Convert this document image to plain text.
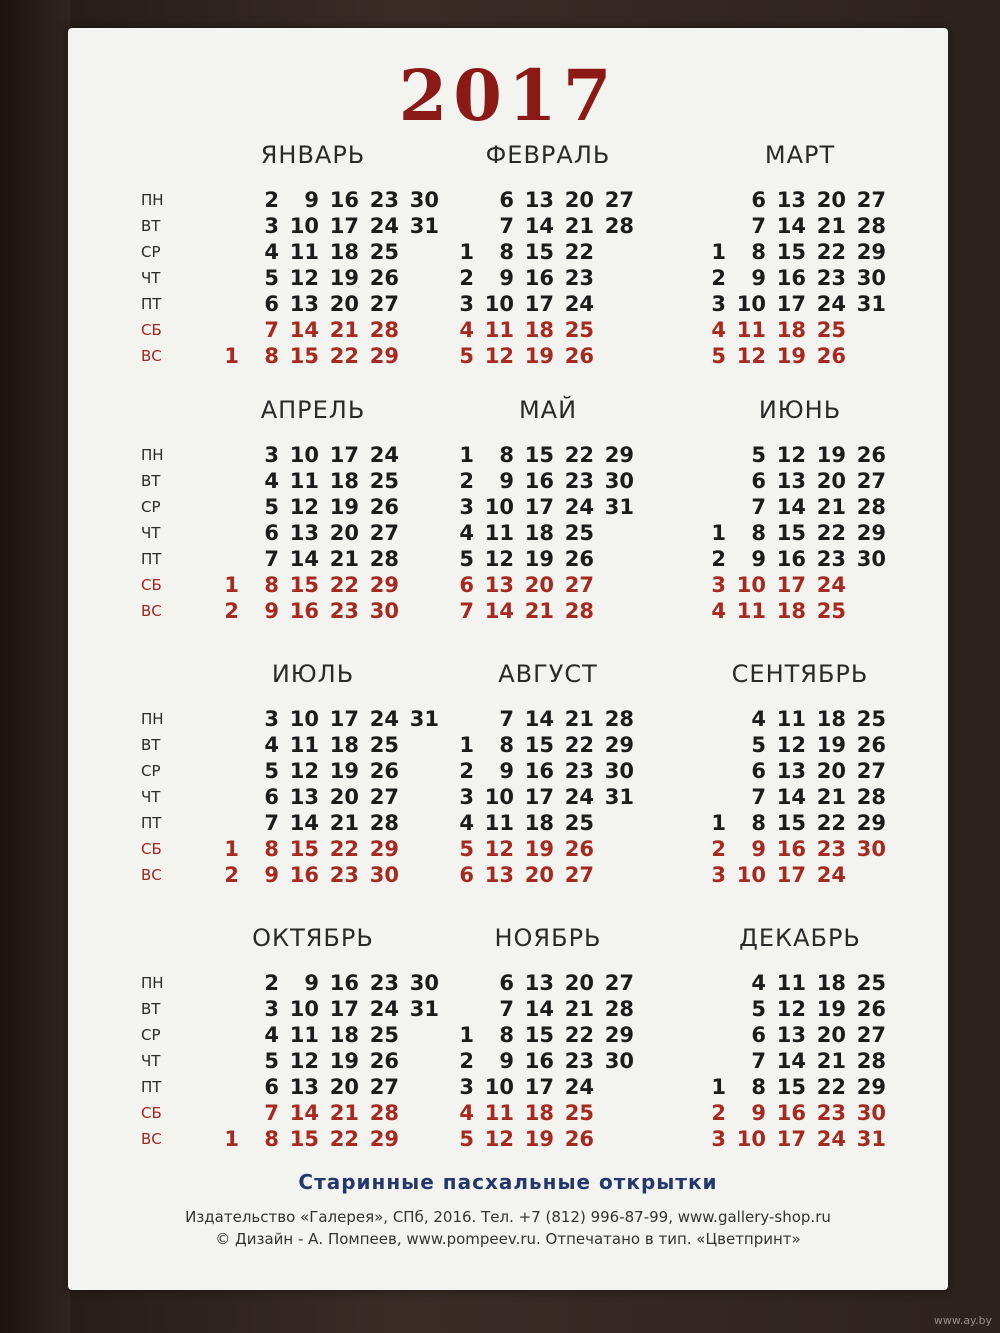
2017
ЯНВАРЬ
ПН
ВТ
СР
ЧТ
ПТ
СБ
ВС
2 9 16 23 30
3 10 17 24 31
4 11 18 25
5 12 19 26
6 13 20 27
7 14 21 28
1 8 15 22 29
ФЕВРАЛЬ
6 13 20 27
7 14 21 28
1 8 15 22
2 9 16 23
3 10 17 24
4 11 18 25
5 12 19 26
МАРТ
6 13 20 27
7 14 21 28
1 8 15 22 29
2 9 16 23 30
3 10 17 24 31
4 11 18 25
5 12 19 26
АПРЕЛЬ
ПН
ВТ
СР
ЧТ
ПТ
СБ
ВС
3 10 17 24
4 11 18 25
5 12 19 26
6 13 20 27
7 14 21 28
1 8 15 22 29
2 9 16 23 30
МАЙ
1 8 15 22 29
2 9 16 23 30
3 10 17 24 31
4 11 18 25
5 12 19 26
6 13 20 27
7 14 21 28
ИЮНЬ
5 12 19 26
6 13 20 27
7 14 21 28
1 8 15 22 29
2 9 16 23 30
3 10 17 24
4 11 18 25
ИЮЛЬ
ПН
ВТ
СР
ЧТ
ПТ
СБ
ВС
3 10 17 24 31
4 11 18 25
5 12 19 26
6 13 20 27
7 14 21 28
1 8 15 22 29
2 9 16 23 30
АВГУСТ
7 14 21 28
1 8 15 22 29
2 9 16 23 30
3 10 17 24 31
4 11 18 25
5 12 19 26
6 13 20 27
СЕНТЯБРЬ
4 11 18 25
5 12 19 26
6 13 20 27
7 14 21 28
1 8 15 22 29
2 9 16 23 30
3 10 17 24
ОКТЯБРЬ
ПН
ВТ
СР
ЧТ
ПТ
СБ
ВС
2 9 16 23 30
3 10 17 24 31
4 11 18 25
5 12 19 26
6 13 20 27
7 14 21 28
1 8 15 22 29
НОЯБРЬ
6 13 20 27
7 14 21 28
1 8 15 22 29
2 9 16 23 30
3 10 17 24
4 11 18 25
5 12 19 26
ДЕКАБРЬ
4 11 18 25
5 12 19 26
6 13 20 27
7 14 21 28
1 8 15 22 29
2 9 16 23 30
3 10 17 24 31
Старинные пасхальные открытки
Издательство «Галерея», СПб, 2016. Тел. +7 (812) 996-87-99, www.gallery-shop.ru
© Дизайн - А. Помпеев, www.pompeev.ru. Отпечатано в тип. «Цветпринт»
www.ay.by
